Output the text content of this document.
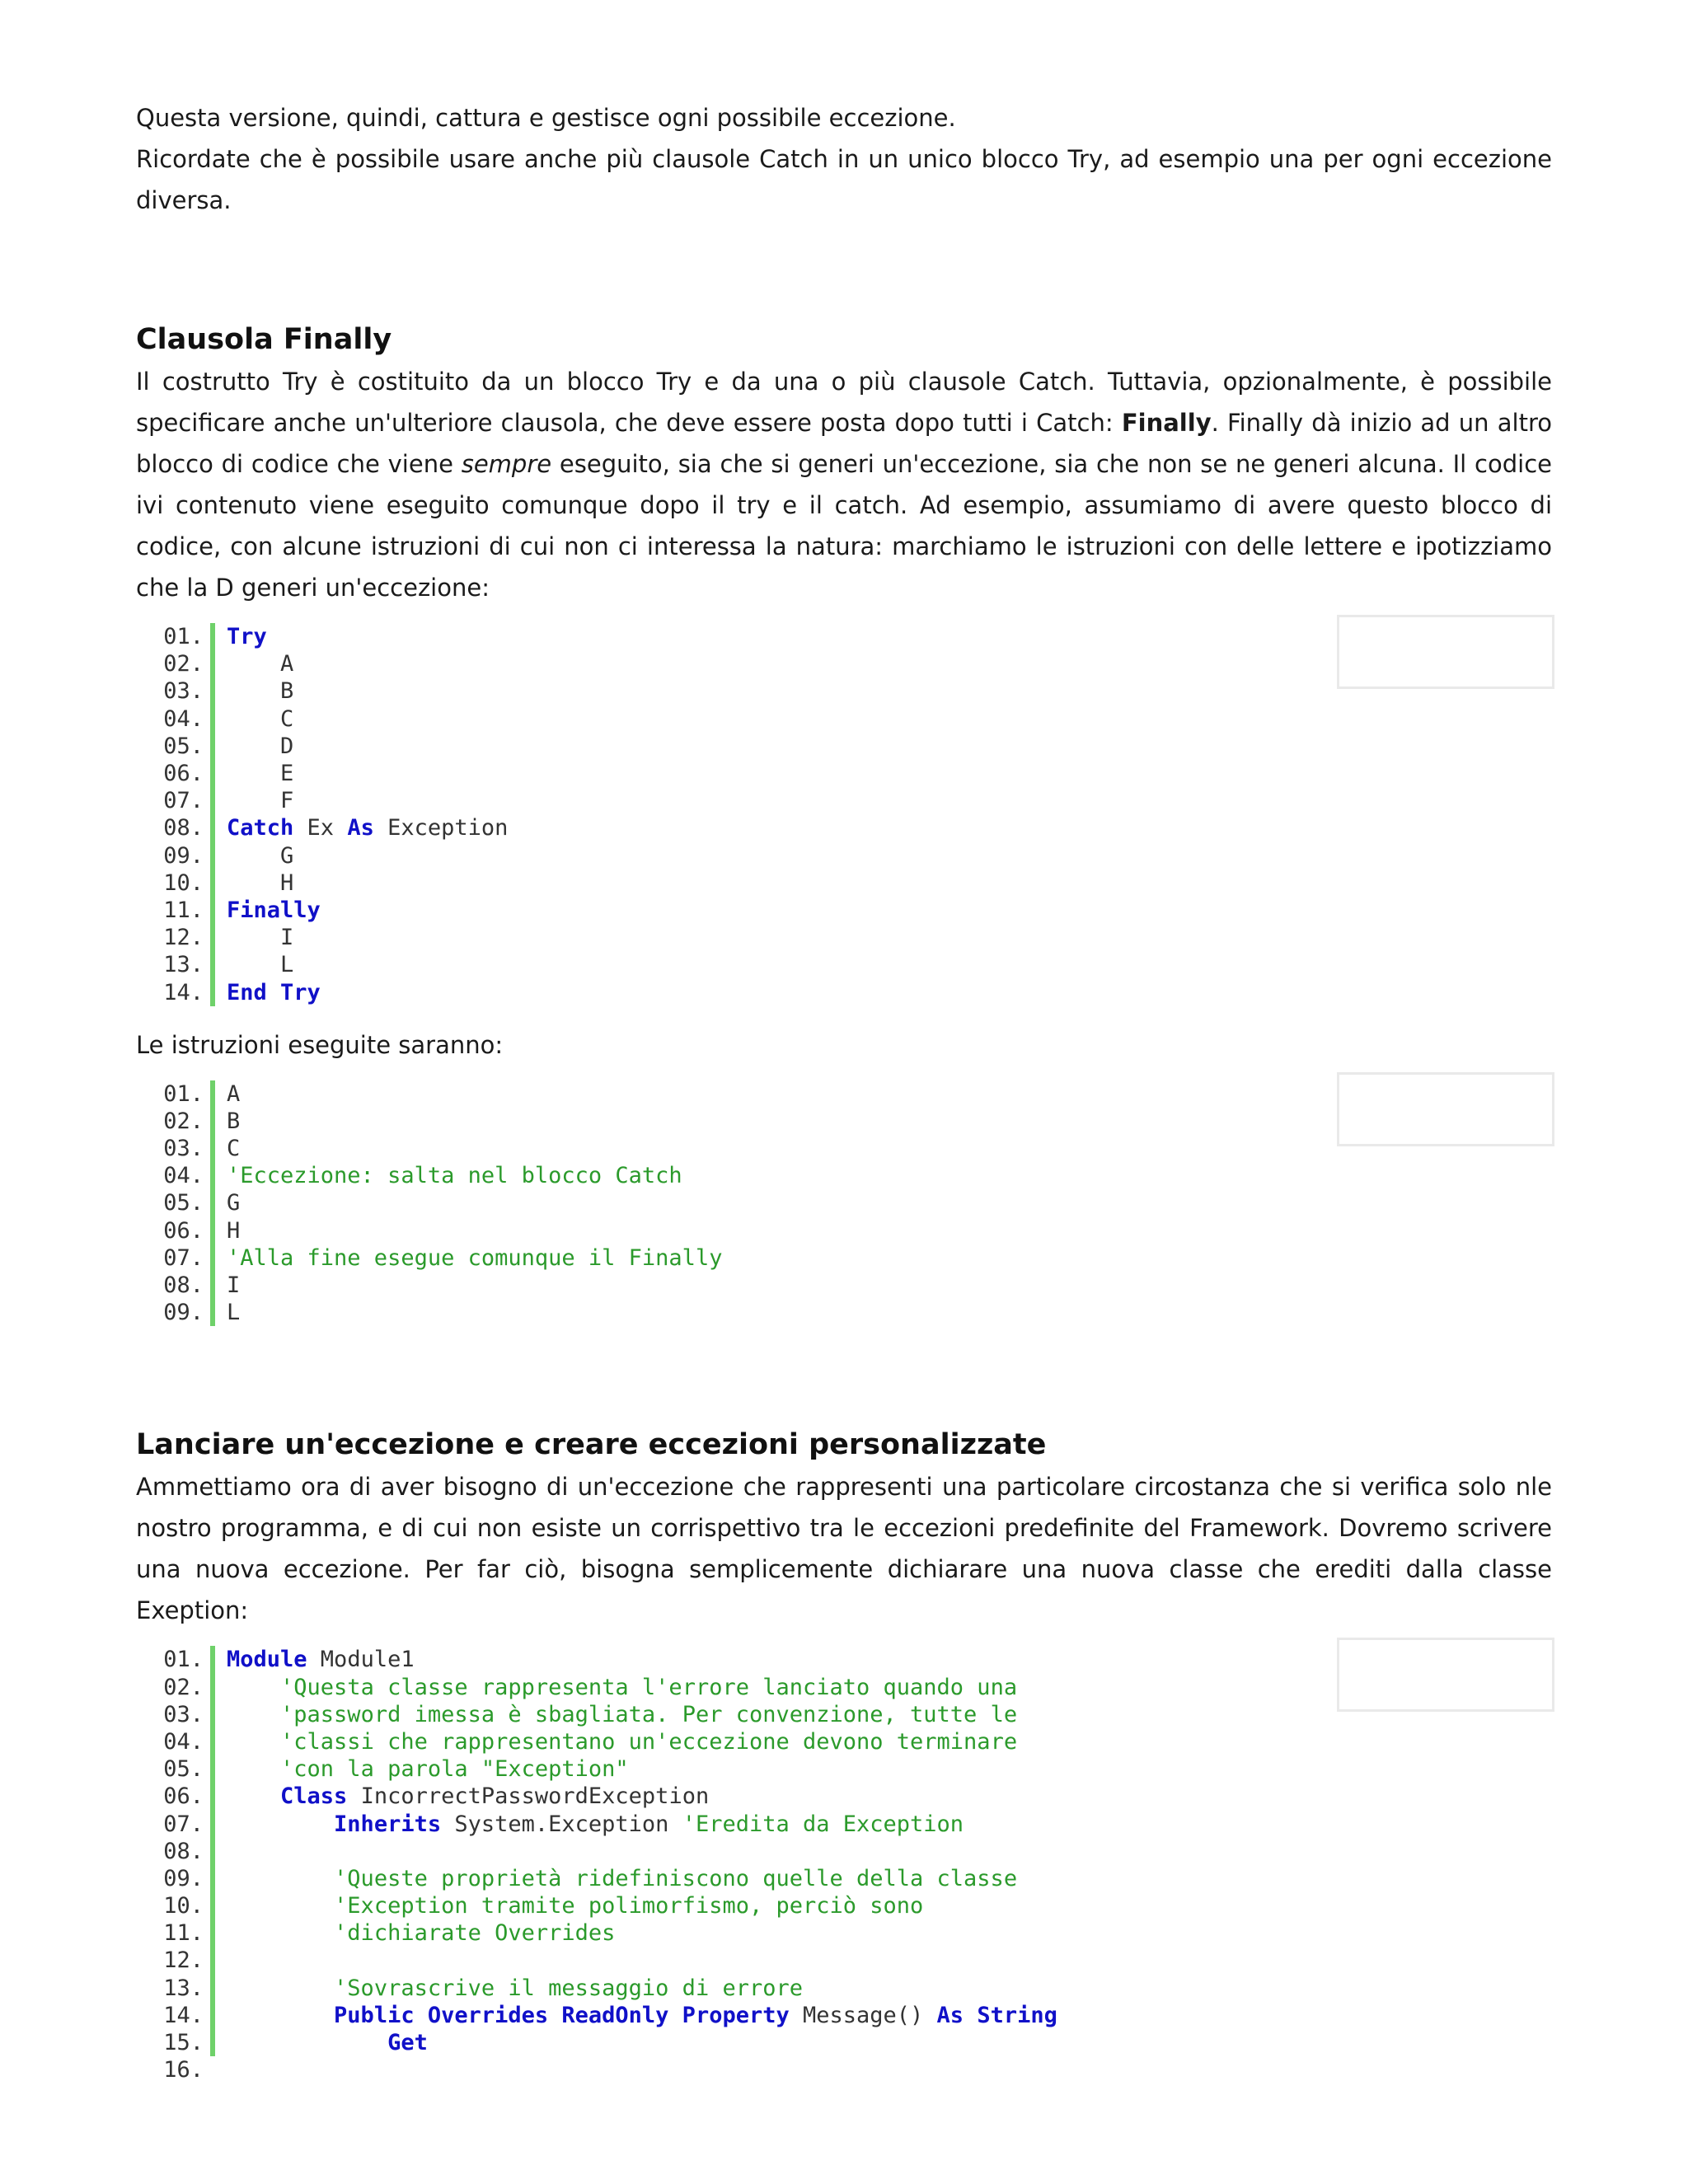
Questa versione, quindi, cattura e gestisce ogni possibile eccezione.

Ricordate che è possibile usare anche più clausole Catch in un unico blocco Try, ad esempio una per ogni eccezione diversa.

Clausola Finally

Il costrutto Try è costituito da un blocco Try e da una o più clausole Catch. Tuttavia, opzionalmente, è possibile specificare anche un'ulteriore clausola, che deve essere posta dopo tutti i Catch: Finally. Finally dà inizio ad un altro blocco di codice che viene sempre eseguito, sia che si generi un'eccezione, sia che non se ne generi alcuna. Il codice ivi contenuto viene eseguito comunque dopo il try e il catch. Ad esempio, assumiamo di avere questo blocco di codice, con alcune istruzioni di cui non ci interessa la natura: marchiamo le istruzioni con delle lettere e ipotizziamo che la D generi un'eccezione:

01. Try
02. A
03. B
04. C
05. D
06. E
07. F
08. Catch Ex As Exception
09. G
10. H
11. Finally
12. I
13. L
14. End Try

Le istruzioni eseguite saranno:

01. A
02. B
03. C
04. 'Eccezione: salta nel blocco Catch
05. G
06. H
07. 'Alla fine esegue comunque il Finally
08. I
09. L
Lanciare un'eccezione e creare eccezioni personalizzate

Ammettiamo ora di aver bisogno di un'eccezione che rappresenti una particolare circostanza che si verifica solo nle nostro programma, e di cui non esiste un corrispettivo tra le eccezioni predefinite del Framework. Dovremo scrivere una nuova eccezione. Per far ciò, bisogna semplicemente dichiarare una nuova classe che erediti dalla classe Exeption:

01. Module Module1
02.	'Questa classe rappresenta l'errore lanciato quando una
03.	'password imessa è sbagliata. Per convenzione, tutte le
04.	'classi che rappresentano un'eccezione devono terminare
05.	'con la parola "Exception"
06.	Class IncorrectPasswordException
07.	Inherits System.Exception 'Eredita da Exception
08.
09.	'Queste proprietà ridefiniscono quelle della classe
10.	'Exception tramite polimorfismo, perciò sono
11.	'dichiarate Overrides
12.
13.	'Sovrascrive il messaggio di errore
14.	Public Overrides ReadOnly Property Message() As String
15.	Get
16.
